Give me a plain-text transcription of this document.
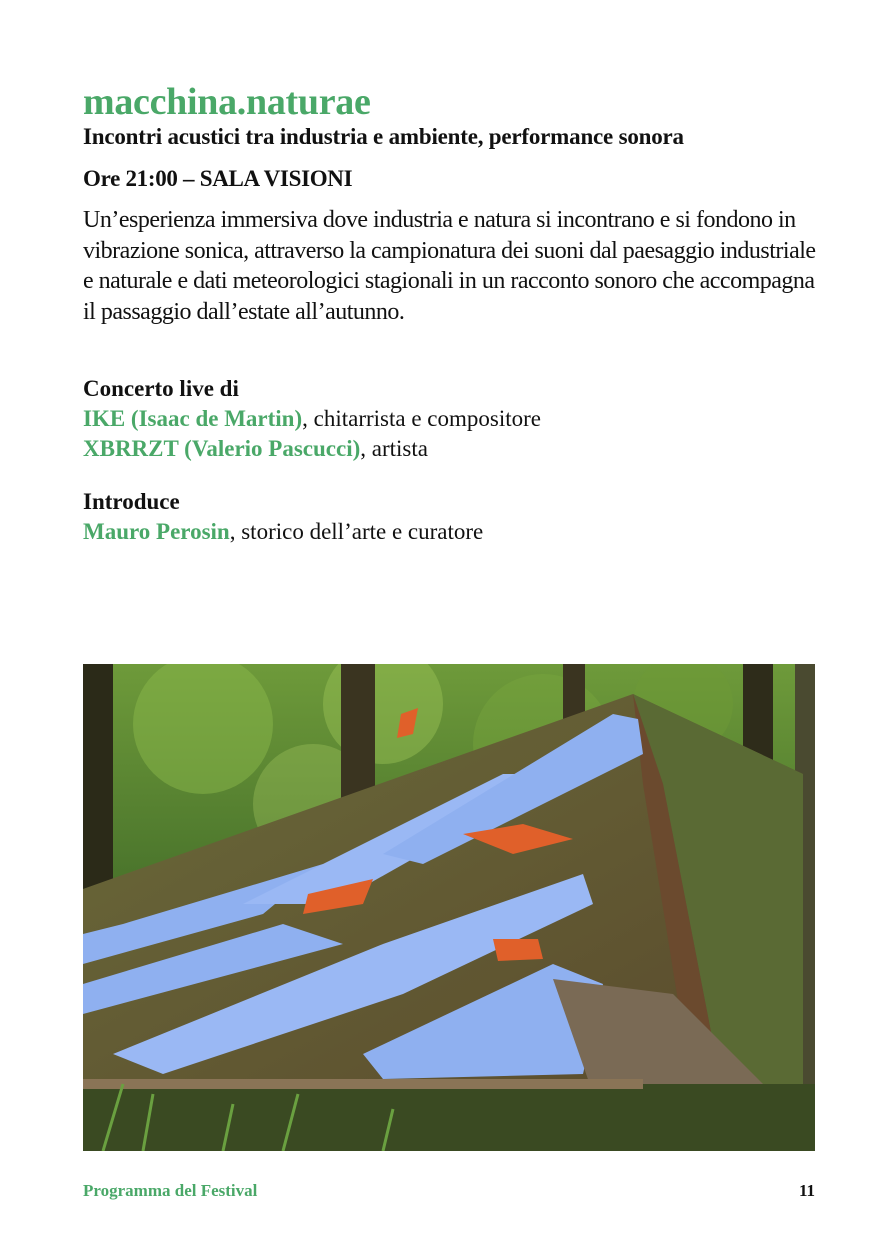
macchina.naturae
Incontri acustici tra industria e ambiente, performance sonora
Ore 21:00 – SALA VISIONI
Un’esperienza immersiva dove industria e natura si incontrano e si fondono in vibrazione sonica, attraverso la campionatura dei suoni dal paesaggio industriale e naturale e dati meteorologici stagionali in un racconto sonoro che accompagna il passaggio dall’estate all’autunno.
Concerto live di
IKE (Isaac de Martin), chitarrista e compositore
XBRRZT (Valerio Pascucci), artista
Introduce
Mauro Perosin, storico dell’arte e curatore
Programma del Festival	11
